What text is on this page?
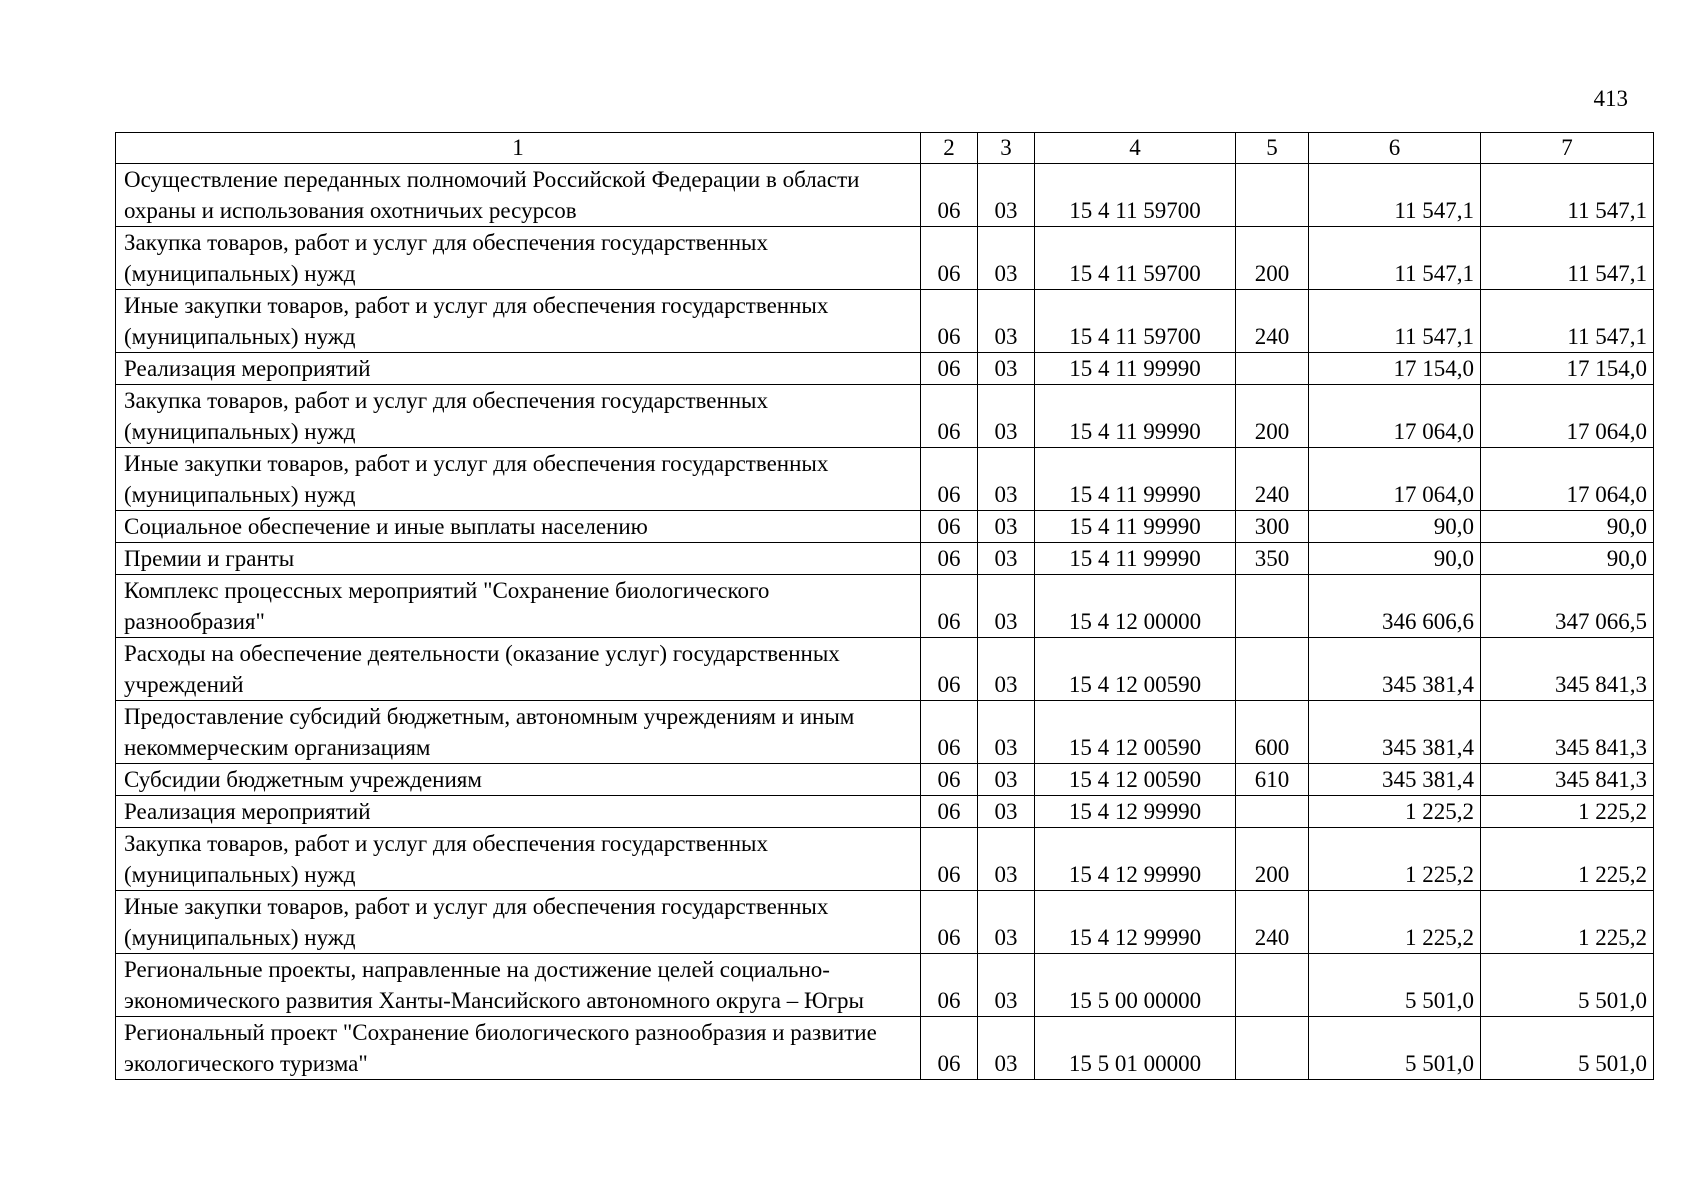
413
1	2	3	4	5	6	7
Осуществление переданных полномочий Российской Федерации в области охраны и использования охотничьих ресурсов	06	03	15 4 11 59700		11 547,1	11 547,1
Закупка товаров, работ и услуг для обеспечения государственных (муниципальных) нужд	06	03	15 4 11 59700	200	11 547,1	11 547,1
Иные закупки товаров, работ и услуг для обеспечения государственных (муниципальных) нужд	06	03	15 4 11 59700	240	11 547,1	11 547,1
Реализация мероприятий	06	03	15 4 11 99990		17 154,0	17 154,0
Закупка товаров, работ и услуг для обеспечения государственных (муниципальных) нужд	06	03	15 4 11 99990	200	17 064,0	17 064,0
Иные закупки товаров, работ и услуг для обеспечения государственных (муниципальных) нужд	06	03	15 4 11 99990	240	17 064,0	17 064,0
Социальное обеспечение и иные выплаты населению	06	03	15 4 11 99990	300	90,0	90,0
Премии и гранты	06	03	15 4 11 99990	350	90,0	90,0
Комплекс процессных мероприятий "Сохранение биологического разнообразия"	06	03	15 4 12 00000		346 606,6	347 066,5
Расходы на обеспечение деятельности (оказание услуг) государственных учреждений	06	03	15 4 12 00590		345 381,4	345 841,3
Предоставление субсидий бюджетным, автономным учреждениям и иным некоммерческим организациям	06	03	15 4 12 00590	600	345 381,4	345 841,3
Субсидии бюджетным учреждениям	06	03	15 4 12 00590	610	345 381,4	345 841,3
Реализация мероприятий	06	03	15 4 12 99990		1 225,2	1 225,2
Закупка товаров, работ и услуг для обеспечения государственных (муниципальных) нужд	06	03	15 4 12 99990	200	1 225,2	1 225,2
Иные закупки товаров, работ и услуг для обеспечения государственных (муниципальных) нужд	06	03	15 4 12 99990	240	1 225,2	1 225,2
Региональные проекты, направленные на достижение целей социально-экономического развития Ханты-Мансийского автономного округа – Югры	06	03	15 5 00 00000		5 501,0	5 501,0
Региональный проект "Сохранение биологического разнообразия и развитие экологического туризма"	06	03	15 5 01 00000		5 501,0	5 501,0
